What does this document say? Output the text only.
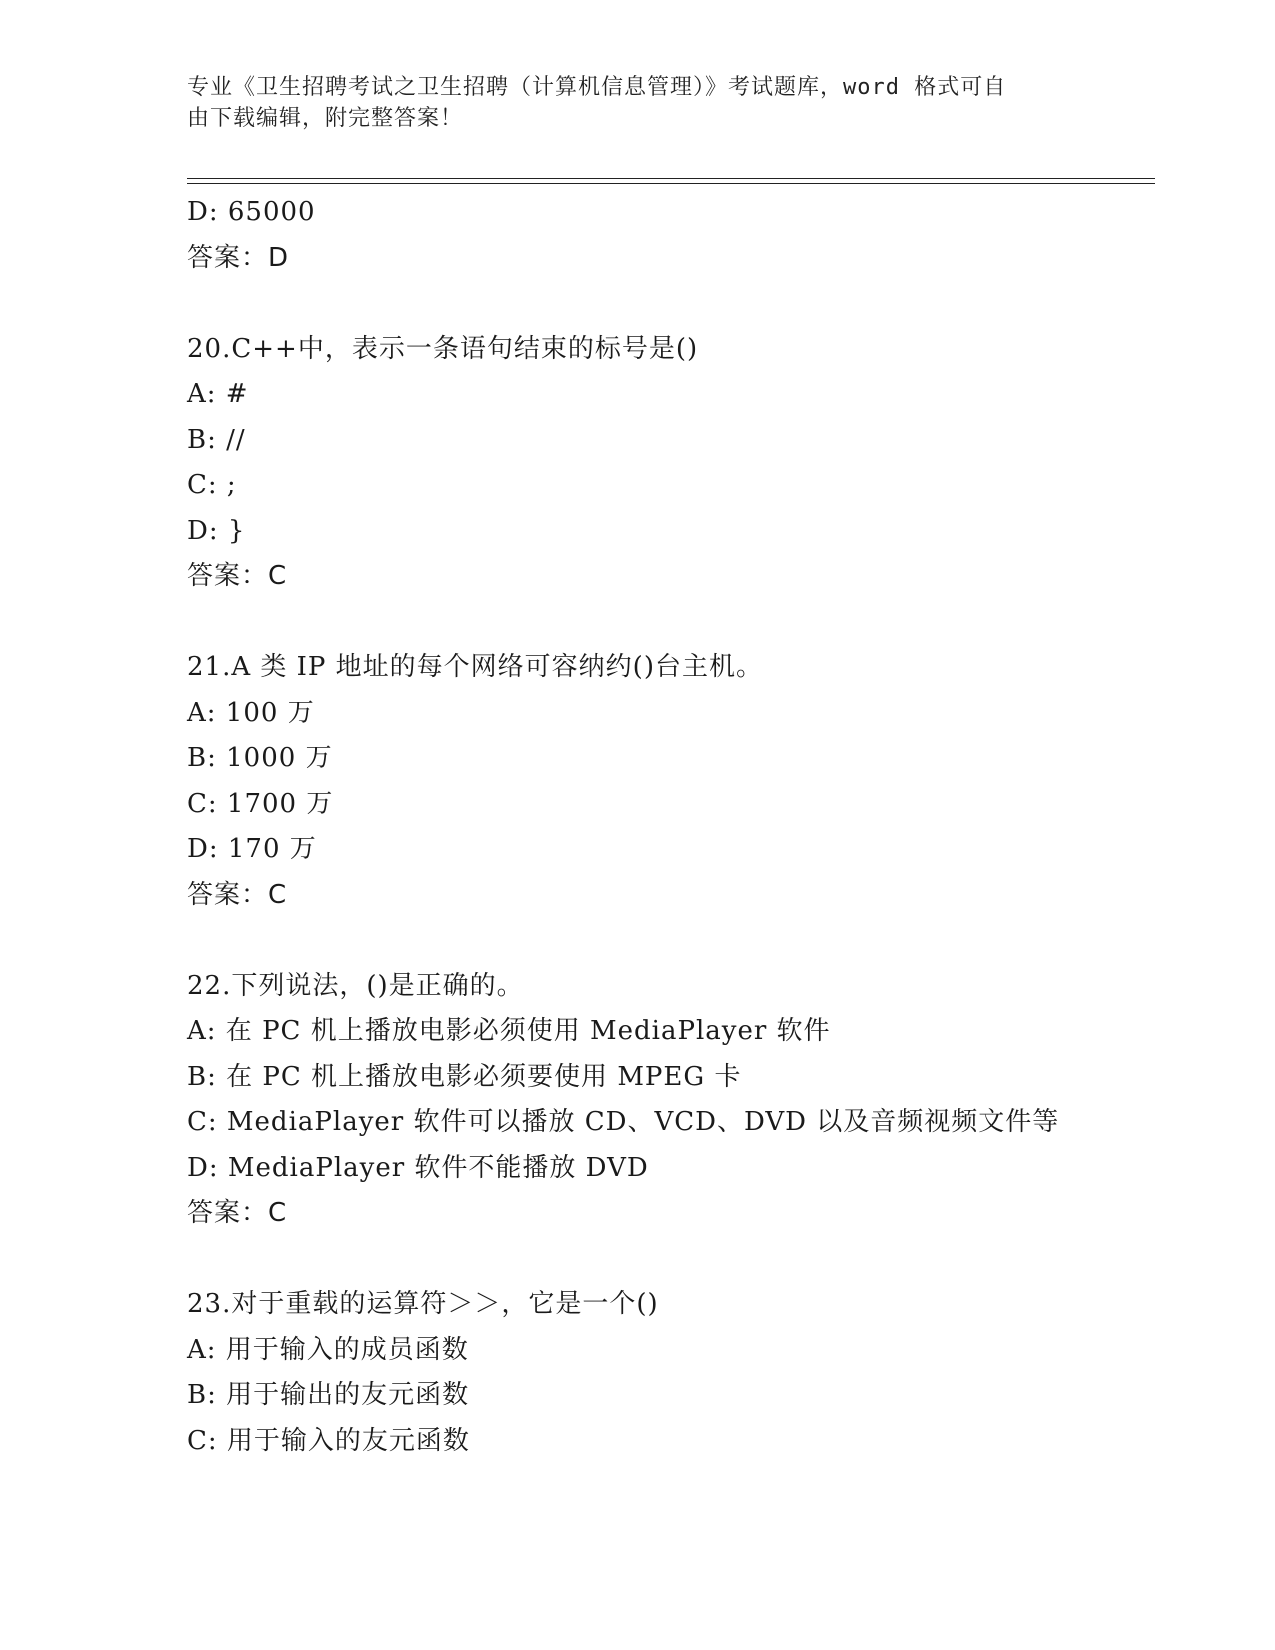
专业《卫生招聘考试之卫生招聘（计算机信息管理）》考试题库，word 格式可自
由下载编辑，附完整答案！
D: 65000
答案：D
20.C++中，表示一条语句结束的标号是()
A: #
B: //
C: ;
D: }
答案：C
21.A 类 IP 地址的每个网络可容纳约()台主机。
A: 100 万
B: 1000 万
C: 1700 万
D: 170 万
答案：C
22.下列说法，()是正确的。
A: 在 PC 机上播放电影必须使用 MediaPlayer 软件
B: 在 PC 机上播放电影必须要使用 MPEG 卡
C: MediaPlayer 软件可以播放 CD、VCD、DVD 以及音频视频文件等
D: MediaPlayer 软件不能播放 DVD
答案：C
23.对于重载的运算符＞＞，它是一个()
A: 用于输入的成员函数
B: 用于输出的友元函数
C: 用于输入的友元函数
